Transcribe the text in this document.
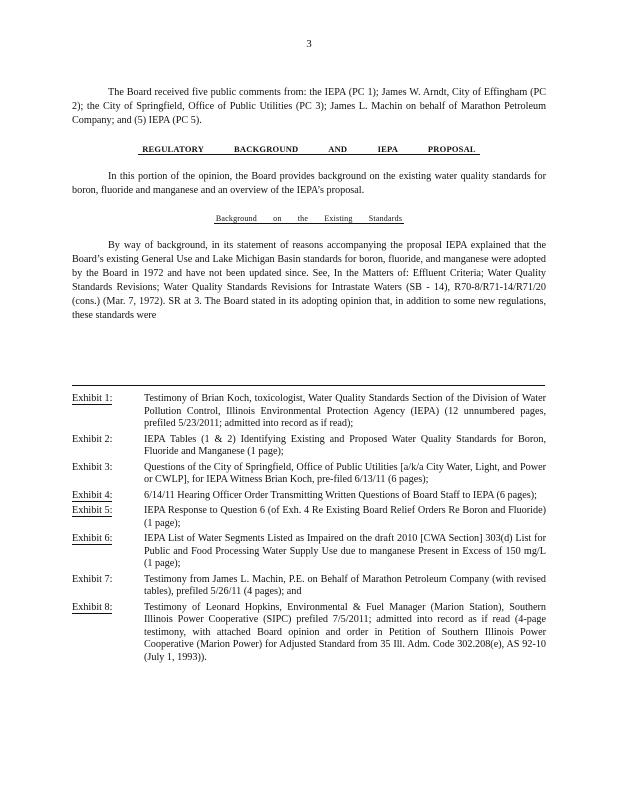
3

The Board received five public comments from: the IEPA (PC 1); James W. Arndt, City of Effingham (PC 2); the City of Springfield, Office of Public Utilities (PC 3); James L. Machin on behalf of Marathon Petroleum Company; and (5) IEPA (PC 5).

REGULATORY BACKGROUND AND IEPA PROPOSAL

In this portion of the opinion, the Board provides background on the existing water quality standards for boron, fluoride and manganese and an overview of the IEPA’s proposal.

Background on the Existing Standards

By way of background, in its statement of reasons accompanying the proposal IEPA explained that the Board’s existing General Use and Lake Michigan Basin standards for boron, fluoride, and manganese were adopted by the Board in 1972 and have not been updated since. See, In the Matters of: Effluent Criteria; Water Quality Standards Revisions; Water Quality Standards Revisions for Intrastate Waters (SB - 14), R70-8/R71-14/R71/20 (cons.) (Mar. 7, 1972). SR at 3. The Board stated in its adopting opinion that, in addition to some new regulations, these standards were

Exhibit 1:	Testimony of Brian Koch, toxicologist, Water Quality Standards Section of the Division of Water Pollution Control, Illinois Environmental Protection Agency (IEPA) (12 unnumbered pages, prefiled 5/23/2011; admitted into record as if read);
Exhibit 2:	IEPA Tables (1 & 2) Identifying Existing and Proposed Water Quality Standards for Boron, Fluoride and Manganese (1 page);
Exhibit 3:	Questions of the City of Springfield, Office of Public Utilities [a/k/a City Water, Light, and Power or CWLP], for IEPA Witness Brian Koch, pre-filed 6/13/11 (6 pages);
Exhibit 4:	6/14/11 Hearing Officer Order Transmitting Written Questions of Board Staff to IEPA (6 pages);
Exhibit 5:	IEPA Response to Question 6 (of Exh. 4 Re Existing Board Relief Orders Re Boron and Fluoride) (1 page);
Exhibit 6:	IEPA List of Water Segments Listed as Impaired on the draft 2010 [CWA Section] 303(d) List for Public and Food Processing Water Supply Use due to manganese Present in Excess of 150 mg/L (1 page);
Exhibit 7:	Testimony from James L. Machin, P.E. on Behalf of Marathon Petroleum Company (with revised tables), prefiled 5/26/11 (4 pages); and
Exhibit 8:	Testimony of Leonard Hopkins, Environmental & Fuel Manager (Marion Station), Southern Illinois Power Cooperative (SIPC) prefiled 7/5/2011; admitted into record as if read (4-page testimony, with attached Board opinion and order in Petition of Southern Illinois Power Cooperative (Marion Power) for Adjusted Standard from 35 Ill. Adm. Code 302.208(e), AS 92-10 (July 1, 1993)).
